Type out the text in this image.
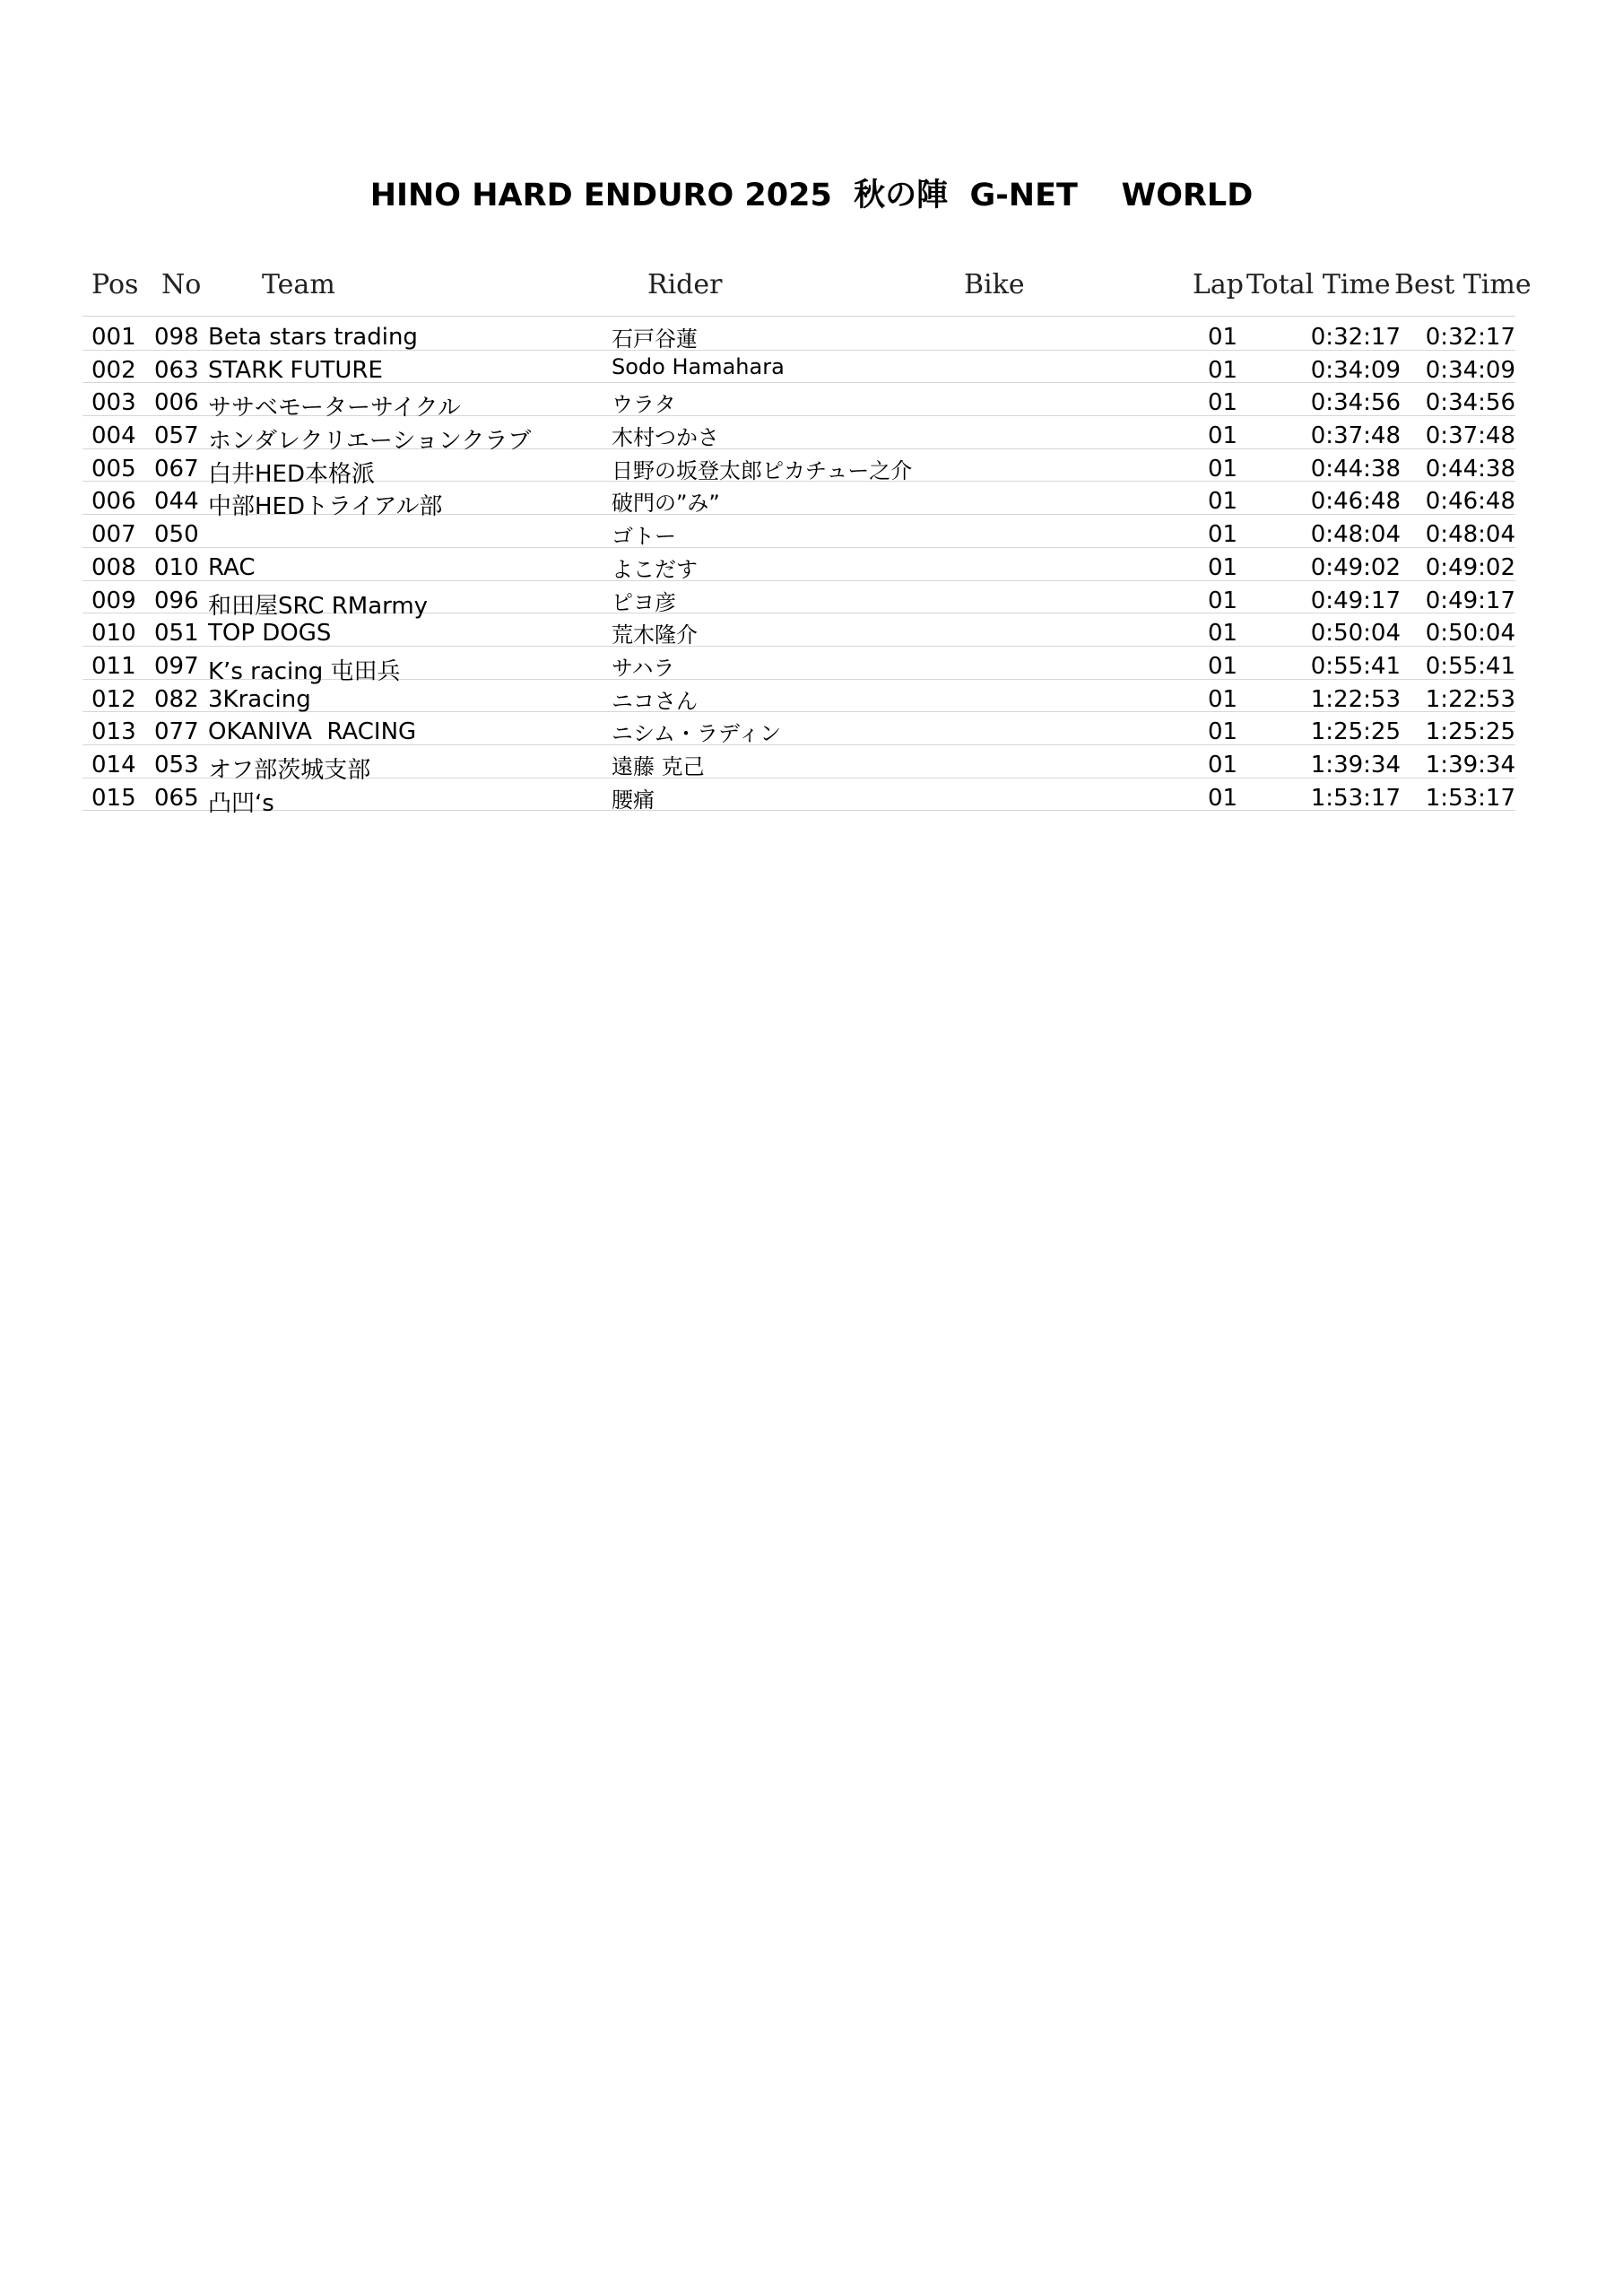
HINO HARD ENDURO 2025  秋の陣  G-NET    WORLD
Pos No Team	Rider	Bike	Lap Total Time Best Time
001 098 Beta stars trading	石戸谷蓮	01	0:32:17	0:32:17
002 063 STARK FUTURE	Sodo Hamahara	01	0:34:09	0:34:09
003 006 ササベモーターサイクル	ウラタ	01	0:34:56	0:34:56
004 057 ホンダレクリエーションクラブ	木村つかさ	01	0:37:48	0:37:48
005 067 白井HED本格派	日野の坂登太郎ピカチュー之介	01	0:44:38	0:44:38
006 044 中部HEDトライアル部	破門の”み”	01	0:46:48	0:46:48
007 050	ゴトー	01	0:48:04	0:48:04
008 010 RAC	よこだす	01	0:49:02	0:49:02
009 096 和田屋SRC RMarmy	ピヨ彦	01	0:49:17	0:49:17
010 051 TOP DOGS	荒木隆介	01	0:50:04	0:50:04
011 097 K’s racing 屯田兵	サハラ	01	0:55:41	0:55:41
012 082 3Kracing	ニコさん	01	1:22:53	1:22:53
013 077 OKANIVA  RACING	ニシム・ラディン	01	1:25:25	1:25:25
014 053 オフ部茨城支部	遠藤 克己	01	1:39:34	1:39:34
015 065 凸凹‘s	腰痛	01	1:53:17	1:53:17
